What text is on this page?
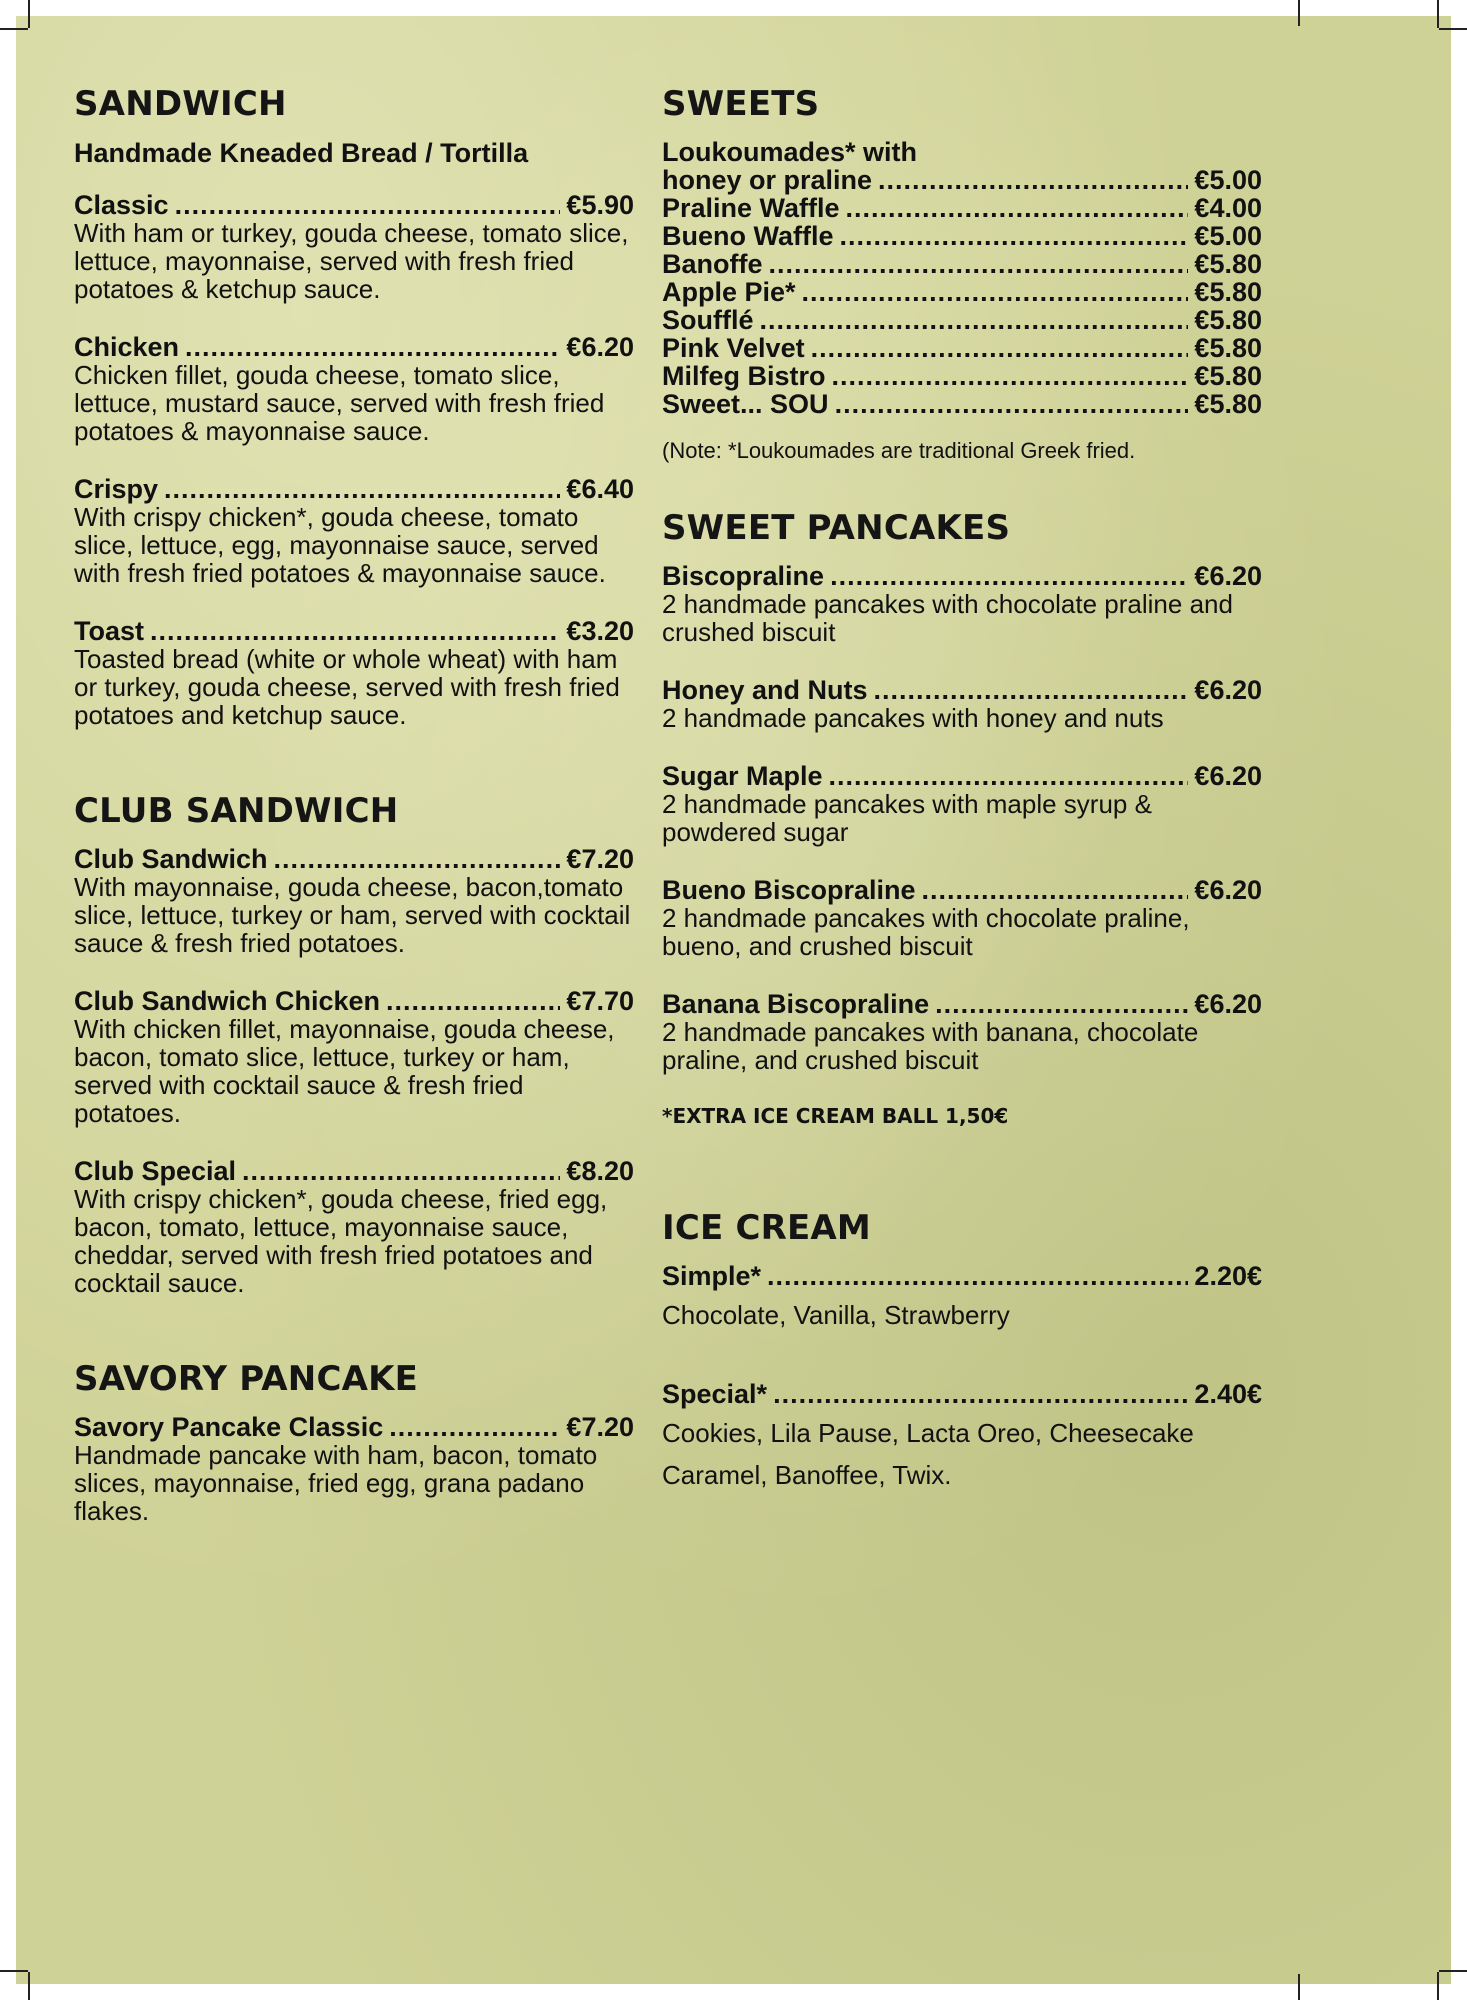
SANDWICH
Handmade Kneaded Bread / Tortilla
Classic .....	€5.90

With ham or turkey, gouda cheese, tomato slice, lettuce, mayonnaise, served with fresh fried potatoes & ketchup sauce.

Chicken .....	€6.20

Chicken fillet, gouda cheese, tomato slice, lettuce, mustard sauce, served with fresh fried potatoes & mayonnaise sauce.

Crispy .....	€6.40

With crispy chicken*, gouda cheese, tomato slice, lettuce, egg, mayonnaise sauce, served with fresh fried potatoes & mayonnaise sauce.

Toast .....	€3.20

Toasted bread (white or whole wheat) with ham or turkey, gouda cheese, served with fresh fried potatoes and ketchup sauce.

CLUB SANDWICH
Club Sandwich .....	€7.20

With mayonnaise, gouda cheese, bacon,tomato slice, lettuce, turkey or ham, served with cocktail sauce & fresh fried potatoes.

Club Sandwich Chicken .....	€7.70

With chicken fillet, mayonnaise, gouda cheese, bacon, tomato slice, lettuce, turkey or ham, served with cocktail sauce & fresh fried potatoes.

Club Special .....	€8.20

With crispy chicken*, gouda cheese, fried egg, bacon, tomato, lettuce, mayonnaise sauce, cheddar, served with fresh fried potatoes and cocktail sauce.

SAVORY PANCAKE
Savory Pancake Classic .....	€7.20

Handmade pancake with ham, bacon, tomato slices, mayonnaise, fried egg, grana padano flakes.

SWEETS
Loukoumades* with
honey or praline .....	€5.00
Praline Waffle .....	€4.00
Bueno Waffle .....	€5.00
Banoffe .....	€5.80
Apple Pie* .....	€5.80
Soufflé .....	€5.80
Pink Velvet .....	€5.80
Milfeg Bistro .....	€5.80
Sweet... SOU .....	€5.80
(Note: *Loukoumades are traditional Greek fried.
SWEET PANCAKES
Biscopraline .....	€6.20

2 handmade pancakes with chocolate praline and crushed biscuit

Honey and Nuts .....	€6.20

2 handmade pancakes with honey and nuts

Sugar Maple .....	€6.20

2 handmade pancakes with maple syrup & powdered sugar

Bueno Biscopraline .....	€6.20

2 handmade pancakes with chocolate praline, bueno, and crushed biscuit

Banana Biscopraline .....	€6.20

2 handmade pancakes with banana, chocolate praline, and crushed biscuit

*EXTRA ICE CREAM BALL 1,50€
ICE CREAM
Simple* .....	2.20€

Chocolate, Vanilla, Strawberry

Special* .....	2.40€

Cookies, Lila Pause, Lacta Oreo, Cheesecake Caramel, Banoffee, Twix.
